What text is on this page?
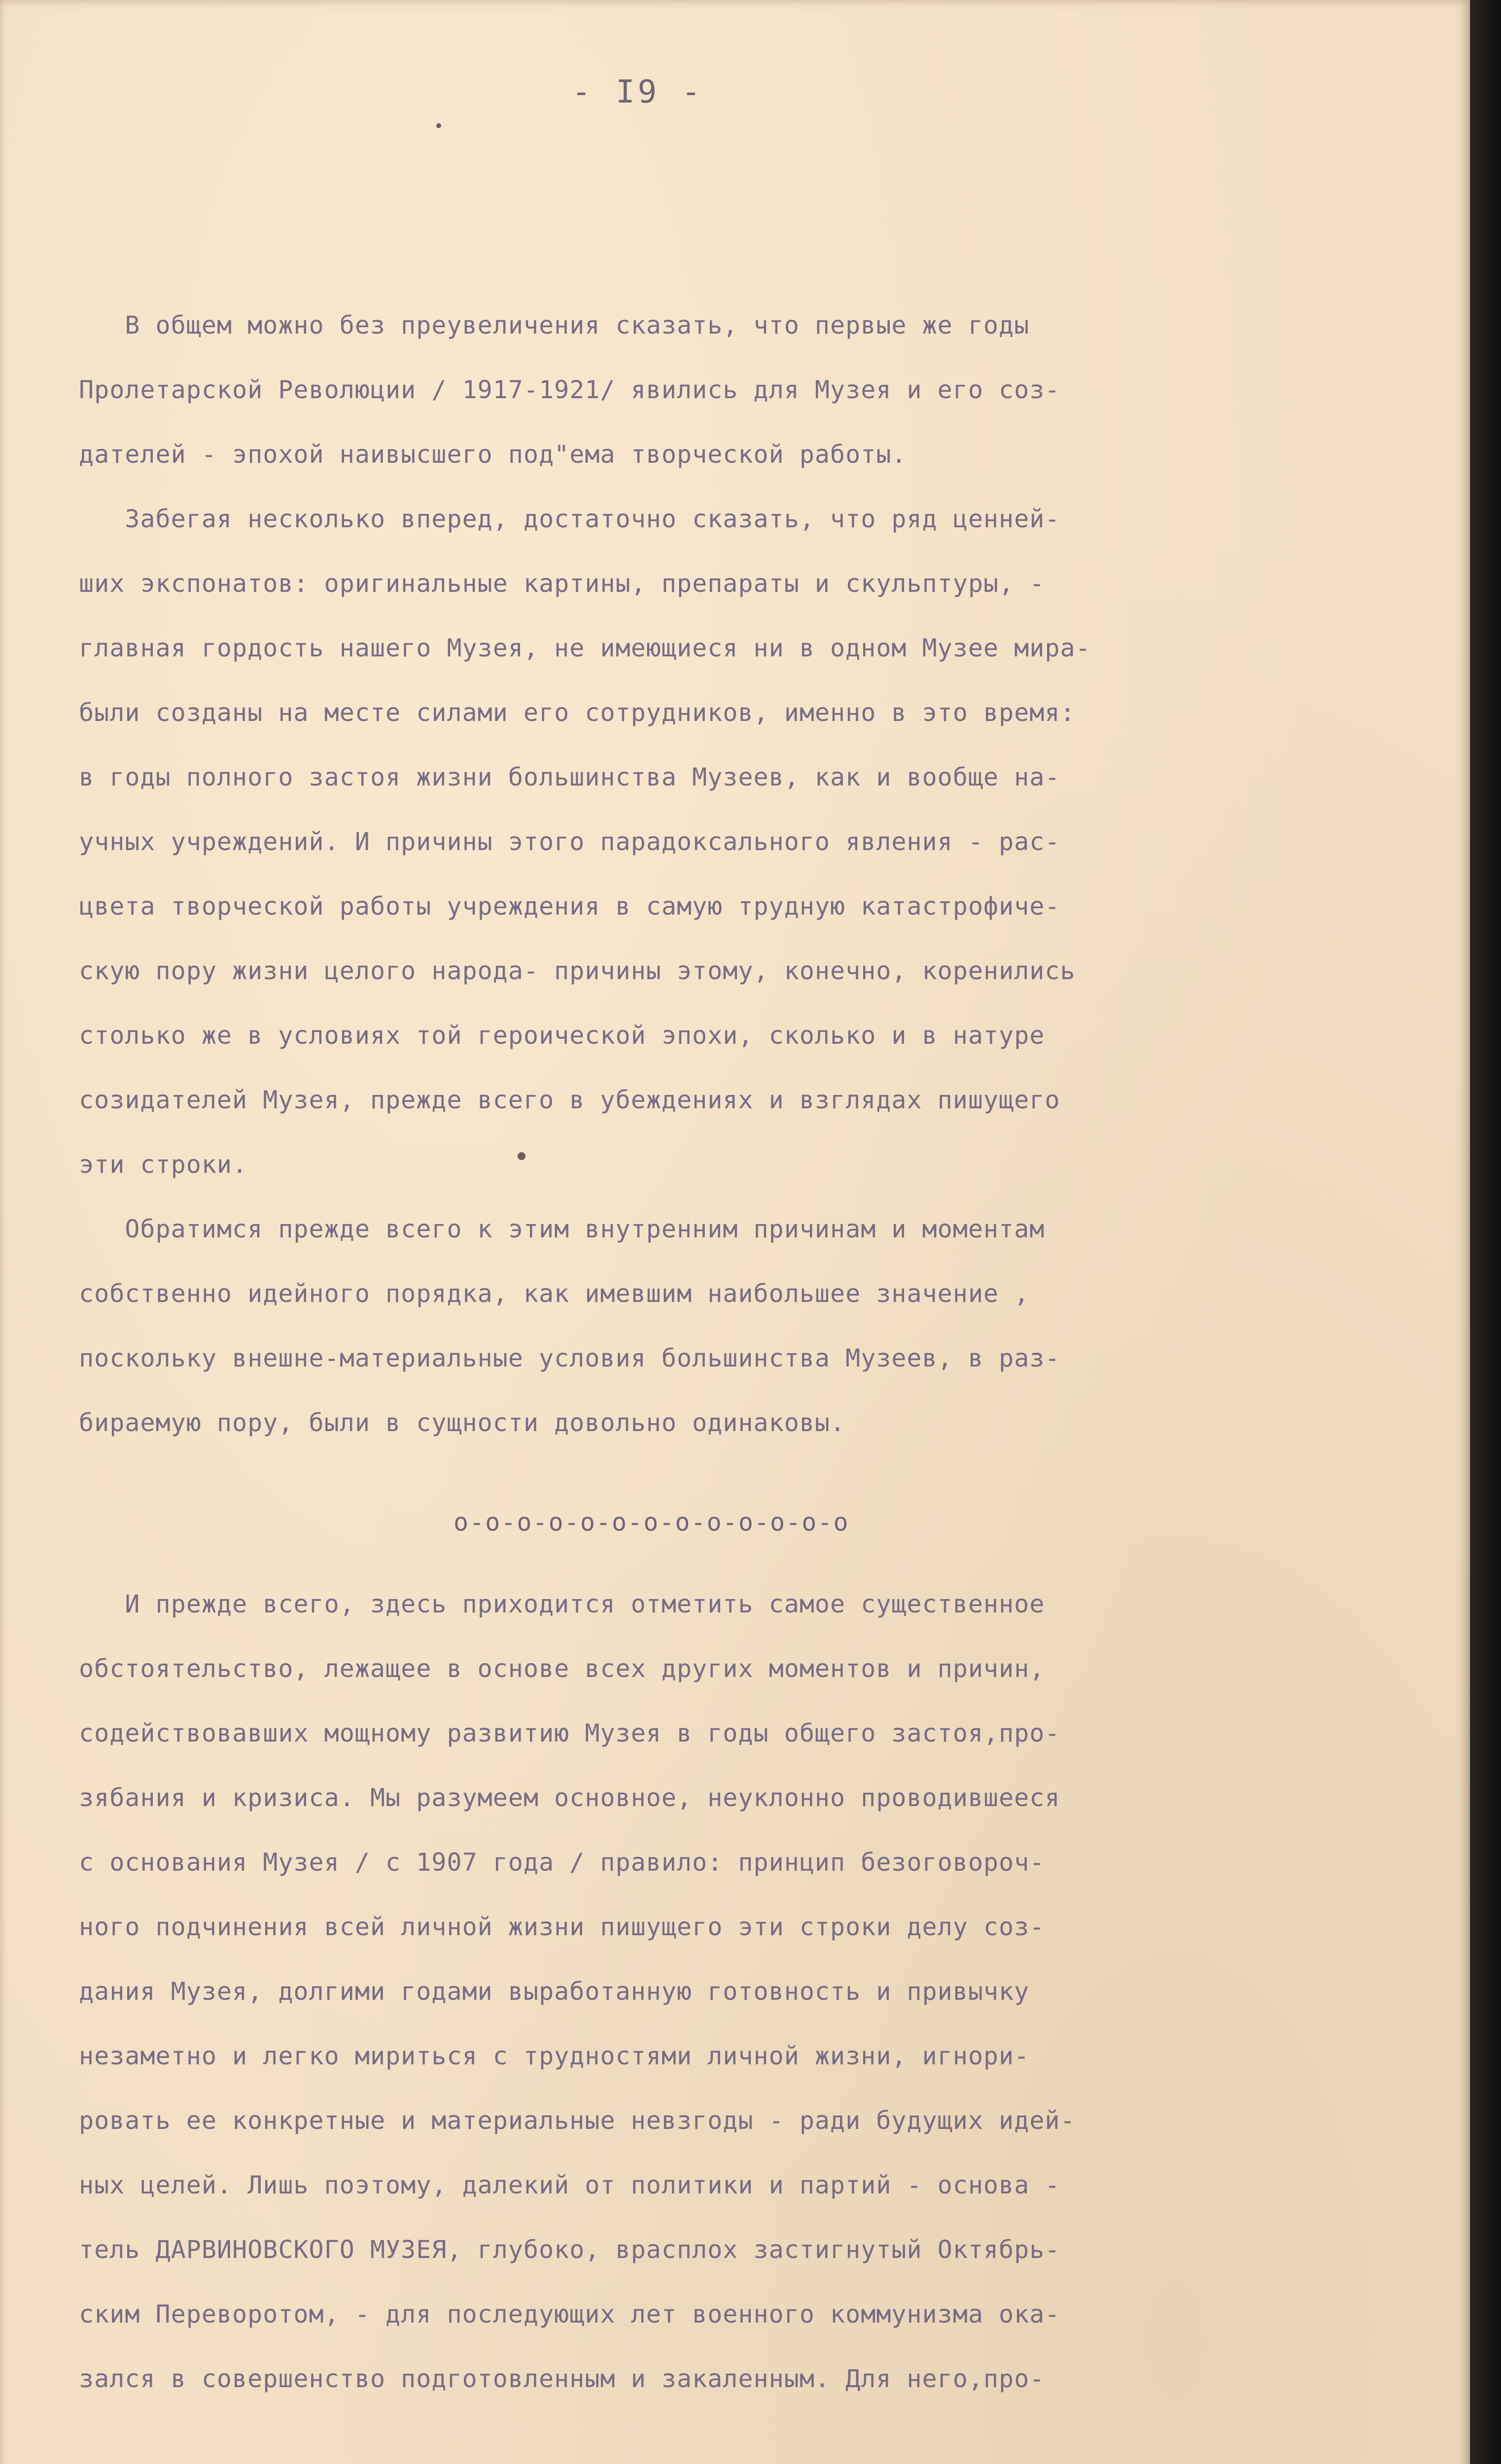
- I9 -
В общем можно без преувеличения сказать, что первые же годы
Пролетарской Революции / 1917-1921/ явились для Музея и его соз-
дателей - эпохой наивысшего под"ема творческой работы.
Забегая несколько вперед, достаточно сказать, что ряд ценней-
ших экспонатов: оригинальные картины, препараты и скульптуры, -
главная гордость нашего Музея, не имеющиеся ни в одном Музее мира-
были созданы на месте силами его сотрудников, именно в это время:
в годы полного застоя жизни большинства Музеев, как и вообще на-
учных учреждений. И причины этого парадоксального явления - рас-
цвета творческой работы учреждения в самую трудную катастрофиче-
скую пору жизни целого народа- причины этому, конечно, коренились
столько же в условиях той героической эпохи, сколько и в натуре
созидателей Музея, прежде всего в убеждениях и взглядах пишущего
эти строки.
Обратимся прежде всего к этим внутренним причинам и моментам
собственно идейного порядка, как имевшим наибольшее значение ,
поскольку внешне-материальные условия большинства Музеев, в раз-
бираемую пору, были в сущности довольно одинаковы.
о-о-о-о-о-о-о-о-о-о-о-о-о
И прежде всего, здесь приходится отметить самое существенное
обстоятельство, лежащее в основе всех других моментов и причин,
содействовавших мощному развитию Музея в годы общего застоя,про-
зябания и кризиса. Мы разумеем основное, неуклонно проводившееся
с основания Музея / с 1907 года / правило: принцип безоговороч-
ного подчинения всей личной жизни пишущего эти строки делу соз-
дания Музея, долгими годами выработанную готовность и привычку
незаметно и легко мириться с трудностями личной жизни, игнори-
ровать ее конкретные и материальные невзгоды - ради будущих идей-
ных целей. Лишь поэтому, далекий от политики и партий - основа -
тель ДАРВИНОВСКОГО МУЗЕЯ, глубоко, врасплох застигнутый Октябрь-
ским Переворотом, - для последующих лет военного коммунизма ока-
зался в совершенство подготовленным и закаленным. Для него,про-
